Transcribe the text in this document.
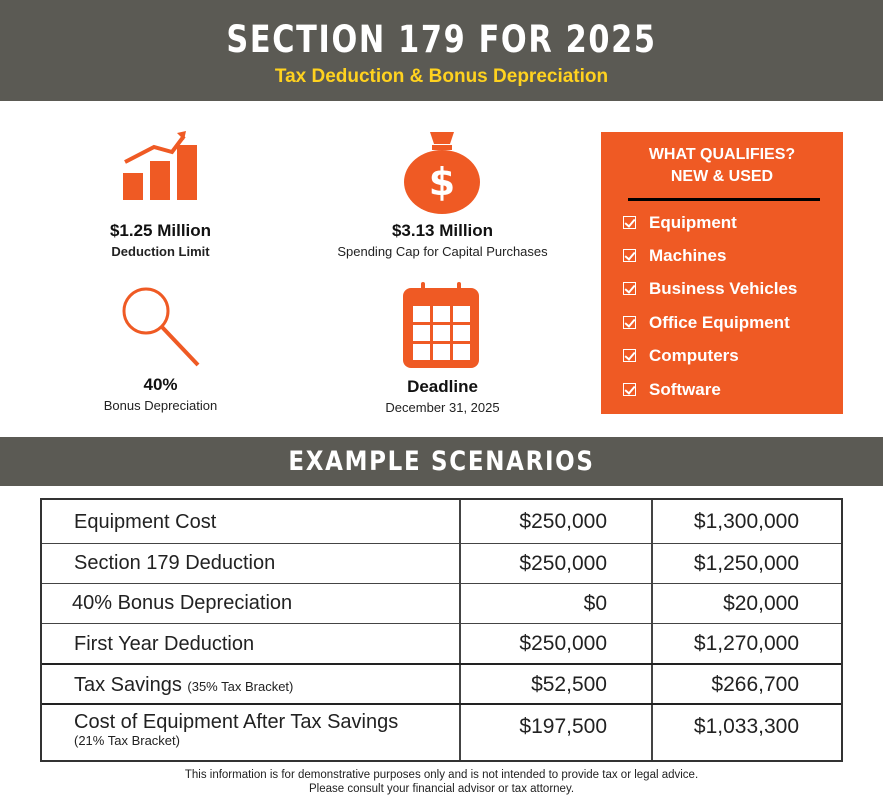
SECTION 179 FOR 2025
Tax Deduction & Bonus Depreciation
$1.25 Million
Deduction Limit
$
$3.13 Million
Spending Cap for Capital Purchases
40%
Bonus Depreciation
Deadline
December 31, 2025
WHAT QUALIFIES?
NEW & USED
Equipment
Machines
Business Vehicles
Office Equipment
Computers
Software
EXAMPLE SCENARIOS
Equipment Cost	$250,000	$1,300,000
Section 179 Deduction	$250,000	$1,250,000
40% Bonus Depreciation	$0	$20,000
First Year Deduction	$250,000	$1,270,000
Tax Savings (35% Tax Bracket)	$52,500	$266,700
Cost of Equipment After Tax Savings
(21% Tax Bracket)
$197,500	$1,033,300
This information is for demonstrative purposes only and is not intended to provide tax or legal advice.
Please consult your financial advisor or tax attorney.
